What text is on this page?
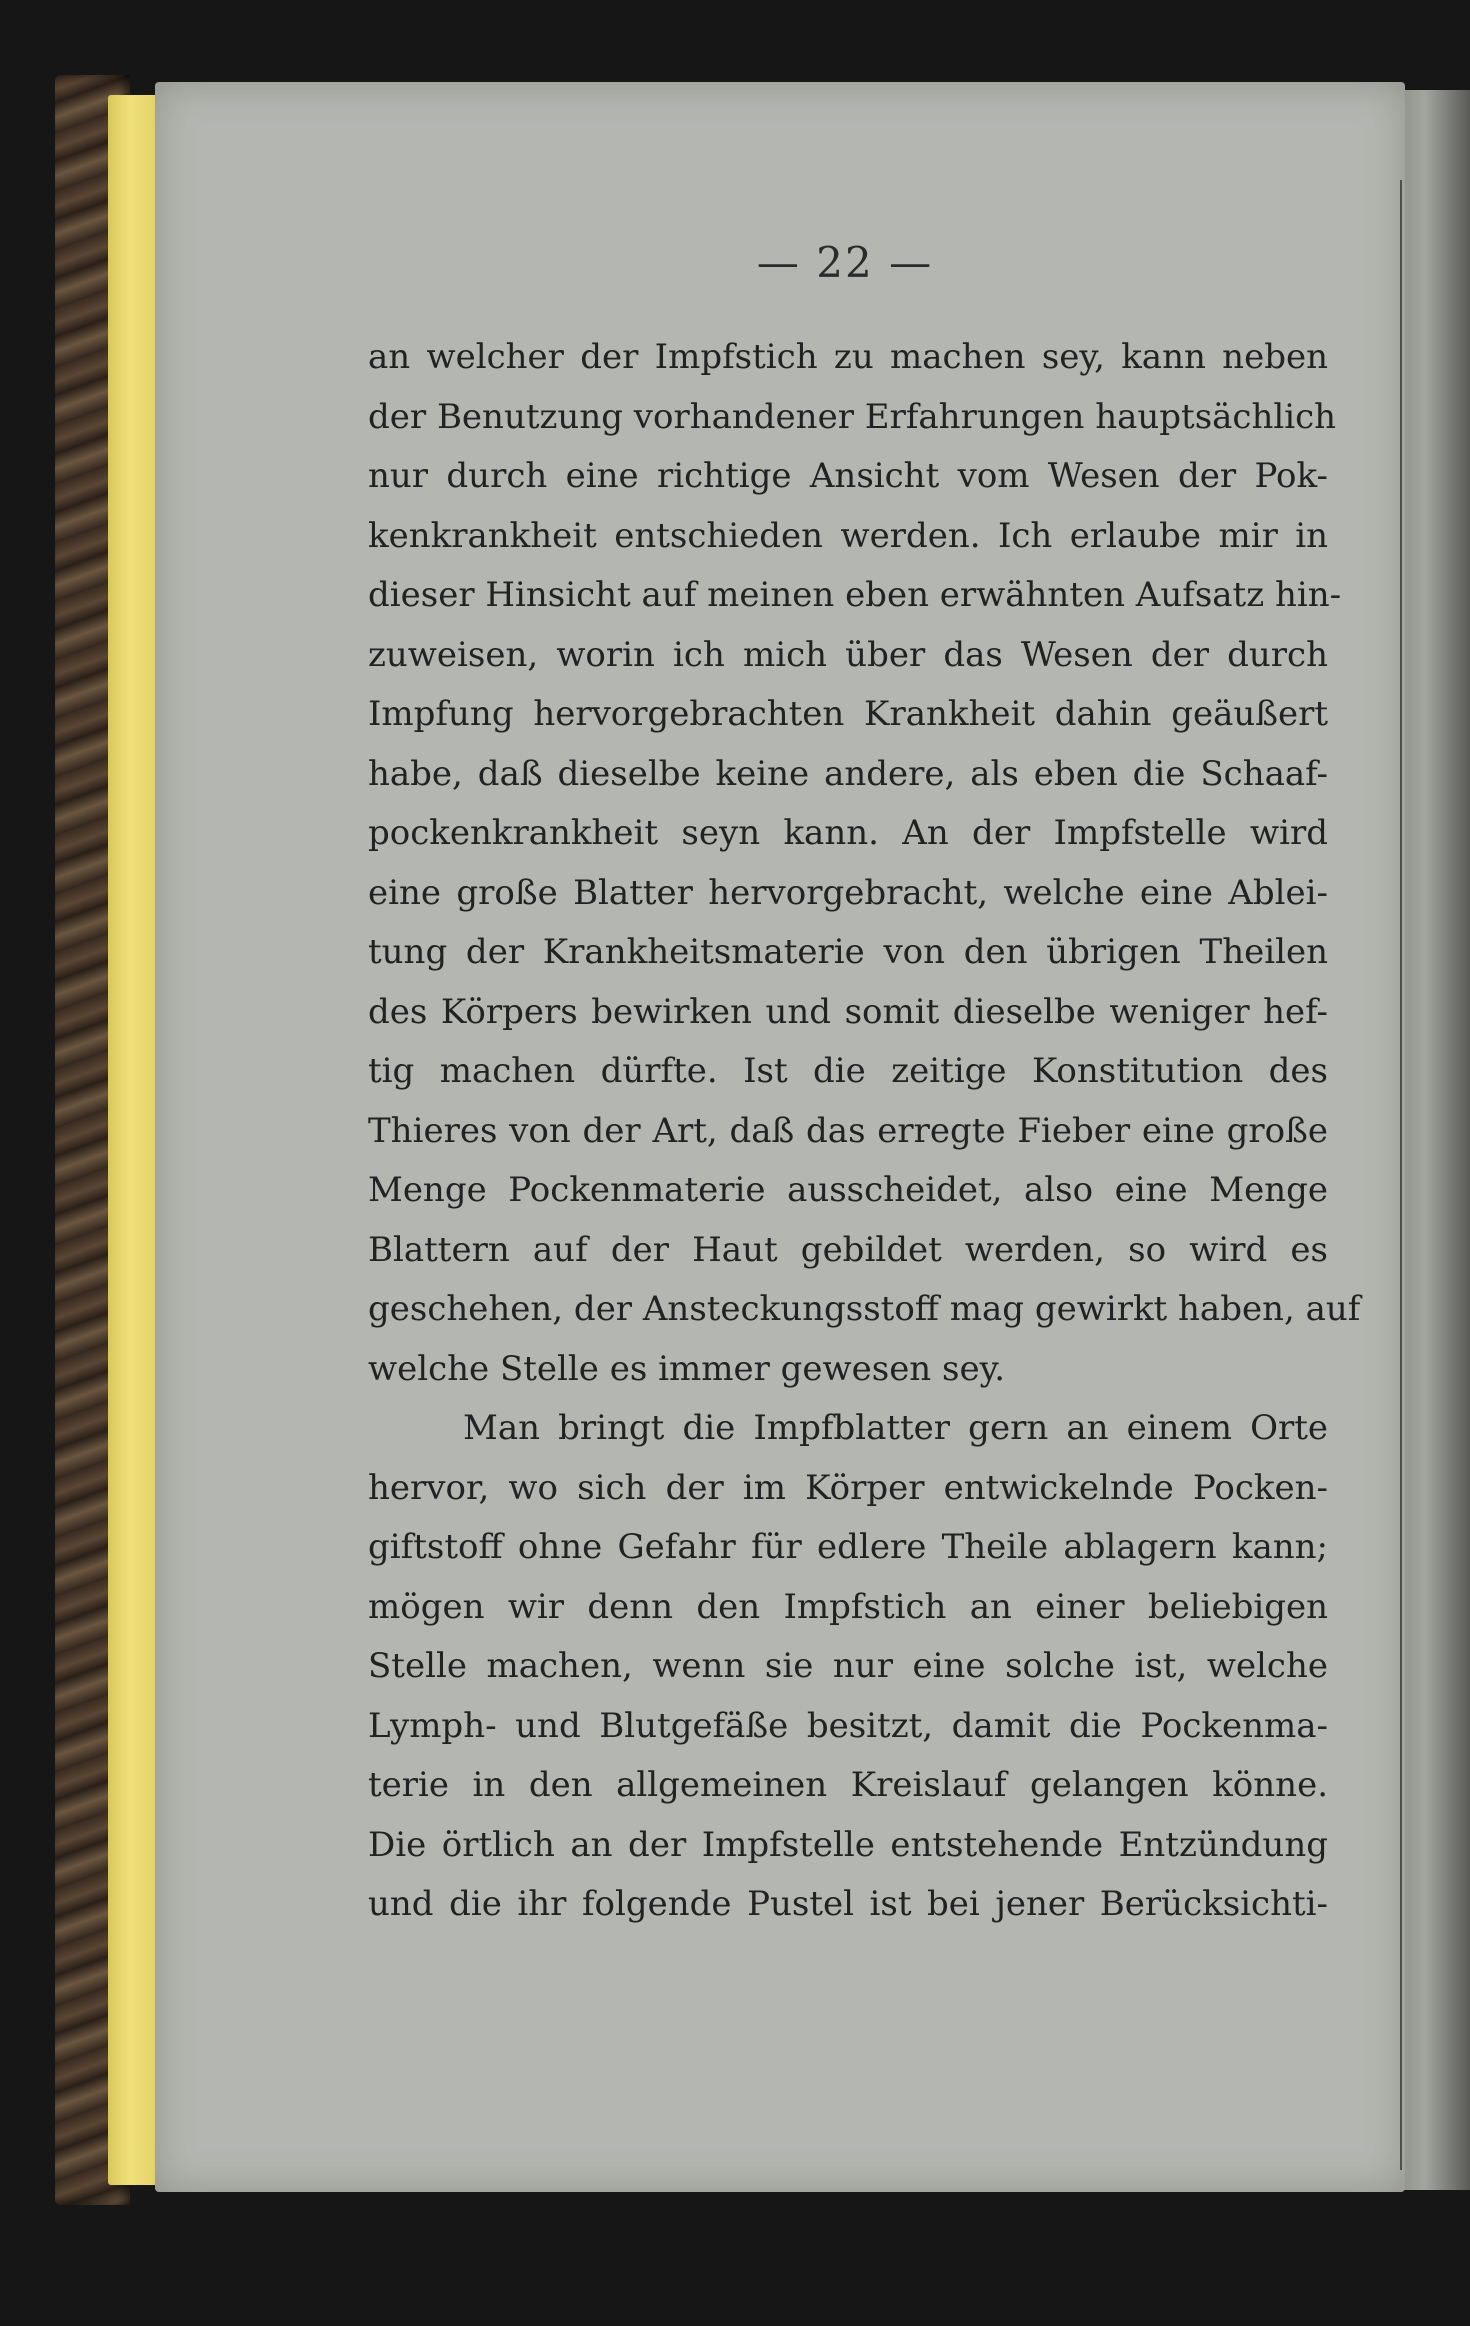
— 22 —
an welcher der Impfstich zu machen sey, kann neben
der Benutzung vorhandener Erfahrungen hauptsächlich
nur durch eine richtige Ansicht vom Wesen der Pok-
kenkrankheit entschieden werden. Ich erlaube mir in
dieser Hinsicht auf meinen eben erwähnten Aufsatz hin-
zuweisen, worin ich mich über das Wesen der durch
Impfung hervorgebrachten Krankheit dahin geäußert
habe, daß dieselbe keine andere, als eben die Schaaf-
pockenkrankheit seyn kann. An der Impfstelle wird
eine große Blatter hervorgebracht, welche eine Ablei-
tung der Krankheitsmaterie von den übrigen Theilen
des Körpers bewirken und somit dieselbe weniger hef-
tig machen dürfte. Ist die zeitige Konstitution des
Thieres von der Art, daß das erregte Fieber eine große
Menge Pockenmaterie ausscheidet, also eine Menge
Blattern auf der Haut gebildet werden, so wird es
geschehen, der Ansteckungsstoff mag gewirkt haben, auf
welche Stelle es immer gewesen sey.
Man bringt die Impfblatter gern an einem Orte
hervor, wo sich der im Körper entwickelnde Pocken-
giftstoff ohne Gefahr für edlere Theile ablagern kann;
mögen wir denn den Impfstich an einer beliebigen
Stelle machen, wenn sie nur eine solche ist, welche
Lymph- und Blutgefäße besitzt, damit die Pockenma-
terie in den allgemeinen Kreislauf gelangen könne.
Die örtlich an der Impfstelle entstehende Entzündung
und die ihr folgende Pustel ist bei jener Berücksichti-
